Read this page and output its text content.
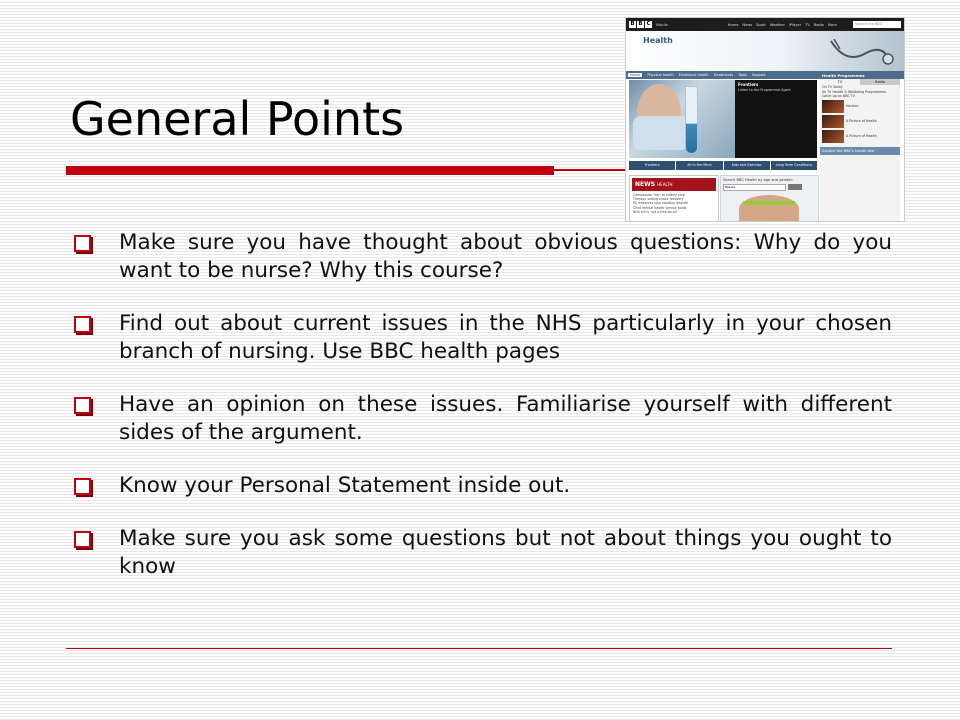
General Points
B B C	Mobile	Home News Sport Weather iPlayer TV Radio More	Search the BBC
Health
Home	Physical health Emotional health Treatments Tools Support
Frontiers
Listen to the Programme Again
Frontiers	All in the Mind	Kids and Exercise	Long Term Conditions
Health Programmes
TV	Radio
On TV Today
All TV Health & Wellbeing Programmes
Catch up on BBC TV
Horizon
A Picture of Health
A Picture of Health
Explore the BBC's health site
NEWS HEALTH
Compassion 'key' to elderly care
Therapy 'aiding stroke recovery'
RC midwives lose abortion dispute
Child mental health service boost
NHS bill is 'not a free-for-all'
Search BBC Health by age and gender:
Babies
Make sure you have thought about obvious questions: Why do you want to be nurse? Why this course?
Find out about current issues in the NHS particularly in your chosen branch of nursing. Use BBC health pages
Have an opinion on these issues. Familiarise yourself with different sides of the argument.
Know your Personal Statement inside out.
Make sure you ask some questions but not about things you ought to know
